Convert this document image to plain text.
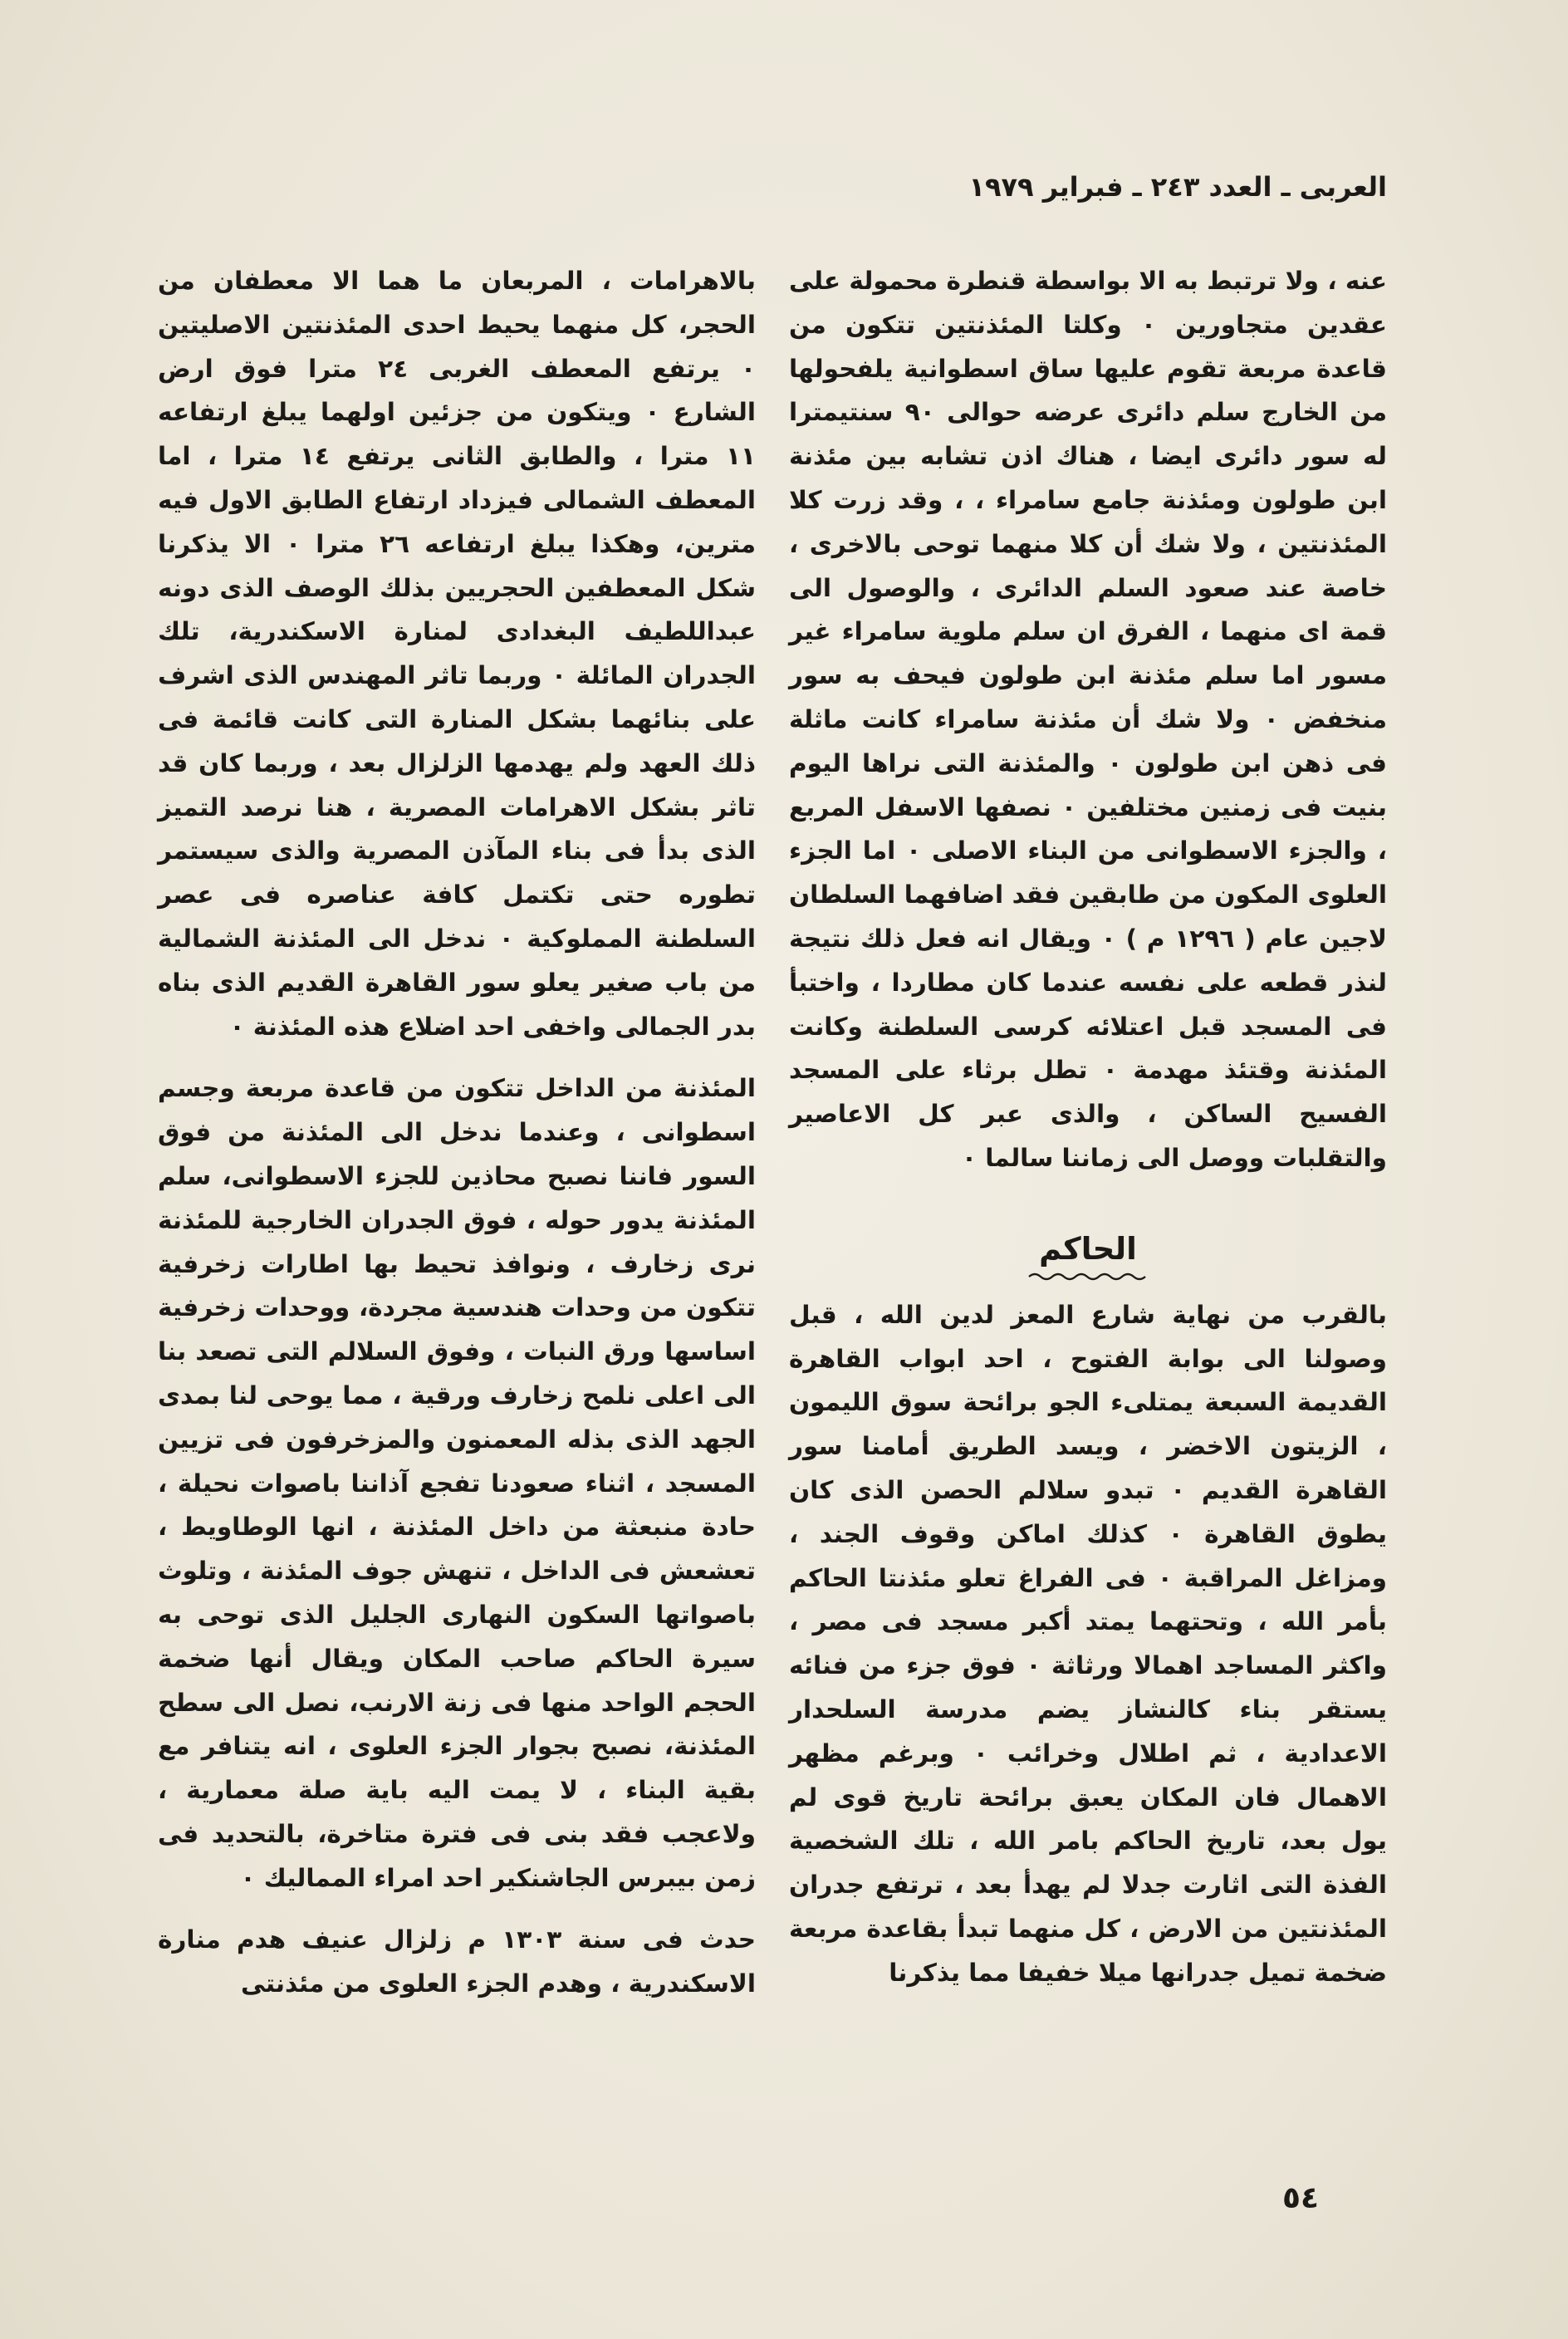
العربى ـ العدد ٢٤٣ ـ فبراير ١٩٧٩

عنه ، ولا ترتبط به الا بواسطة قنطرة محمولة على عقدين متجاورين ٠ وكلتا المئذنتين تتكون من قاعدة مربعة تقوم عليها ساق اسطوانية يلفحولها من الخارج سلم دائرى عرضه حوالى ٩٠ سنتيمترا له سور دائرى ايضا ، هناك اذن تشابه بين مئذنة ابن طولون ومئذنة جامع سامراء ، ، وقد زرت كلا المئذنتين ، ولا شك أن كلا منهما توحى بالاخرى ، خاصة عند صعود السلم الدائرى ، والوصول الى قمة اى منهما ، الفرق ان سلم ملوية سامراء غير مسور اما سلم مئذنة ابن طولون فيحف به سور منخفض ٠ ولا شك أن مئذنة سامراء كانت ماثلة فى ذهن ابن طولون ٠ والمئذنة التى نراها اليوم بنيت فى زمنين مختلفين ٠ نصفها الاسفل المربع ، والجزء الاسطوانى من البناء الاصلى ٠ اما الجزء العلوى المكون من طابقين فقد اضافهما السلطان لاجين عام ( ١٢٩٦ م ) ٠ ويقال انه فعل ذلك نتيجة لنذر قطعه على نفسه عندما كان مطاردا ، واختبأ فى المسجد قبل اعتلائه كرسى السلطنة وكانت المئذنة وقتئذ مهدمة ٠ تطل برثاء على المسجد الفسيح الساكن ، والذى عبر كل الاعاصير والتقلبات ووصل الى زماننا سالما ٠

الحاكم

بالقرب من نهاية شارع المعز لدين الله ، قبل وصولنا الى بوابة الفتوح ، احد ابواب القاهرة القديمة السبعة يمتلىء الجو برائحة سوق الليمون ، الزيتون الاخضر ، ويسد الطريق أمامنا سور القاهرة القديم ٠ تبدو سلالم الحصن الذى كان يطوق القاهرة ٠ كذلك اماكن وقوف الجند ، ومزاغل المراقبة ٠ فى الفراغ تعلو مئذنتا الحاكم بأمر الله ، وتحتهما يمتد أكبر مسجد فى مصر ، واكثر المساجد اهمالا ورثاثة ٠ فوق جزء من فنائه يستقر بناء كالنشاز يضم مدرسة السلحدار الاعدادية ، ثم اطلال وخرائب ٠ وبرغم مظهر الاهمال فان المكان يعبق برائحة تاريخ قوى لم يول بعد، تاريخ الحاكم بامر الله ، تلك الشخصية الفذة التى اثارت جدلا لم يهدأ بعد ، ترتفع جدران المئذنتين من الارض ، كل منهما تبدأ بقاعدة مربعة ضخمة تميل جدرانها ميلا خفيفا مما يذكرنا

بالاهرامات ، المربعان ما هما الا معطفان من الحجر، كل منهما يحيط احدى المئذنتين الاصليتين ٠ يرتفع المعطف الغربى ٢٤ مترا فوق ارض الشارع ٠ ويتكون من جزئين اولهما يبلغ ارتفاعه ١١ مترا ، والطابق الثانى يرتفع ١٤ مترا ، اما المعطف الشمالى فيزداد ارتفاع الطابق الاول فيه مترين، وهكذا يبلغ ارتفاعه ٢٦ مترا ٠ الا يذكرنا شكل المعطفين الحجريين بذلك الوصف الذى دونه عبداللطيف البغدادى لمنارة الاسكندرية، تلك الجدران المائلة ٠ وربما تاثر المهندس الذى اشرف على بنائهما بشكل المنارة التى كانت قائمة فى ذلك العهد ولم يهدمها الزلزال بعد ، وربما كان قد تاثر بشكل الاهرامات المصرية ، هنا نرصد التميز الذى بدأ فى بناء المآذن المصرية والذى سيستمر تطوره حتى تكتمل كافة عناصره فى عصر السلطنة المملوكية ٠ ندخل الى المئذنة الشمالية من باب صغير يعلو سور القاهرة القديم الذى بناه بدر الجمالى واخفى احد اضلاع هذه المئذنة ٠

المئذنة من الداخل تتكون من قاعدة مربعة وجسم اسطوانى ، وعندما ندخل الى المئذنة من فوق السور فاننا نصبح محاذين للجزء الاسطوانى، سلم المئذنة يدور حوله ، فوق الجدران الخارجية للمئذنة نرى زخارف ، ونوافذ تحيط بها اطارات زخرفية تتكون من وحدات هندسية مجردة، ووحدات زخرفية اساسها ورق النبات ، وفوق السلالم التى تصعد بنا الى اعلى نلمح زخارف ورقية ، مما يوحى لنا بمدى الجهد الذى بذله المعمنون والمزخرفون فى تزيين المسجد ، اثناء صعودنا تفجع آذاننا باصوات نحيلة ، حادة منبعثة من داخل المئذنة ، انها الوطاويط ، تعشعش فى الداخل ، تنهش جوف المئذنة ، وتلوث باصواتها السكون النهارى الجليل الذى توحى به سيرة الحاكم صاحب المكان ويقال أنها ضخمة الحجم الواحد منها فى زنة الارنب، نصل الى سطح المئذنة، نصبح بجوار الجزء العلوى ، انه يتنافر مع بقية البناء ، لا يمت اليه باية صلة معمارية ، ولاعجب فقد بنى فى فترة متاخرة، بالتحديد فى زمن بيبرس الجاشنكير احد امراء المماليك ٠

حدث فى سنة ١٣٠٣ م زلزال عنيف هدم منارة الاسكندرية ، وهدم الجزء العلوى من مئذنتى

٥٤
